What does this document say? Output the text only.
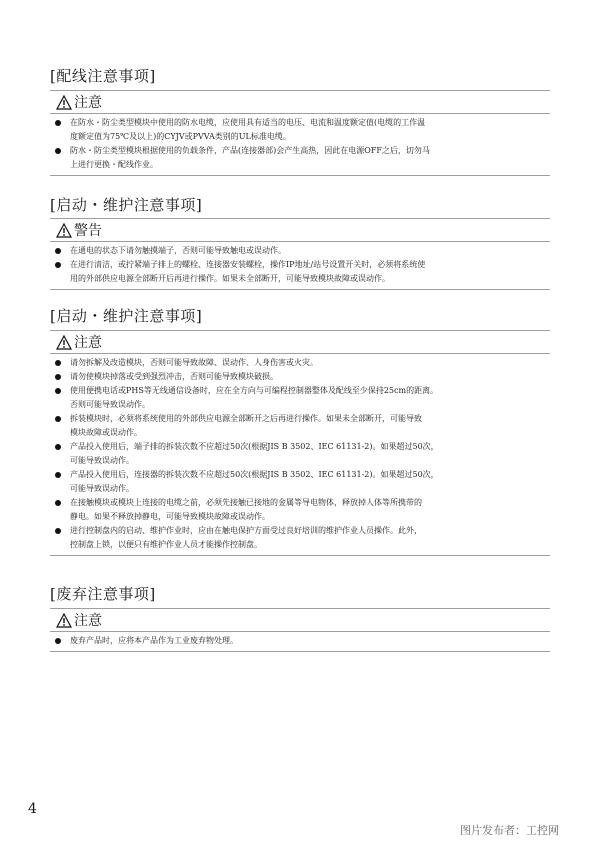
[配线注意事项]
注意
在防水・防尘类型模块中使用的防水电缆，应使用具有适当的电压、电流和温度额定值(电缆的工作温
度额定值为75℃及以上)的CYJV或PVVA类别的UL标准电缆。
防水・防尘类型模块根据使用的负载条件，产品(连接器部)会产生高热，因此在电源OFF之后，切勿马
上进行更换・配线作业。
[启动・维护注意事项]
警告
在通电的状态下请勿触摸端子，否则可能导致触电或误动作。
在进行清洁，或拧紧端子排上的螺栓、连接器安装螺栓，操作IP地址/站号设置开关时，必须将系统使
用的外部供应电源全部断开后再进行操作。如果未全部断开，可能导致模块故障或误动作。
[启动・维护注意事项]
注意
请勿拆解及改造模块，否则可能导致故障、误动作、人身伤害或火灾。
请勿使模块掉落或受到强烈冲击，否则可能导致模块破损。
使用便携电话或PHS等无线通信设备时，应在全方向与可编程控制器整体及配线至少保持25cm的距离。
否则可能导致误动作。
拆装模块时，必须将系统使用的外部供应电源全部断开之后再进行操作。如果未全部断开，可能导致
模块故障或误动作。
产品投入使用后，端子排的拆装次数不应超过50次(根据JIS B 3502、IEC 61131-2)。如果超过50次，
可能导致误动作。
产品投入使用后，连接器的拆装次数不应超过50次(根据JIS B 3502、IEC 61131-2)。如果超过50次，
可能导致误动作。
在接触模块或模块上连接的电缆之前，必须先接触已接地的金属等导电物体，释放掉人体等所携带的
静电。如果不释放掉静电，可能导致模块故障或误动作。
进行控制盘内的启动、维护作业时，应由在触电保护方面受过良好培训的维护作业人员操作。此外，
控制盘上锁，以便只有维护作业人员才能操作控制盘。
[废弃注意事项]
注意
废弃产品时，应将本产品作为工业废弃物处理。
4
图片发布者：工控网
